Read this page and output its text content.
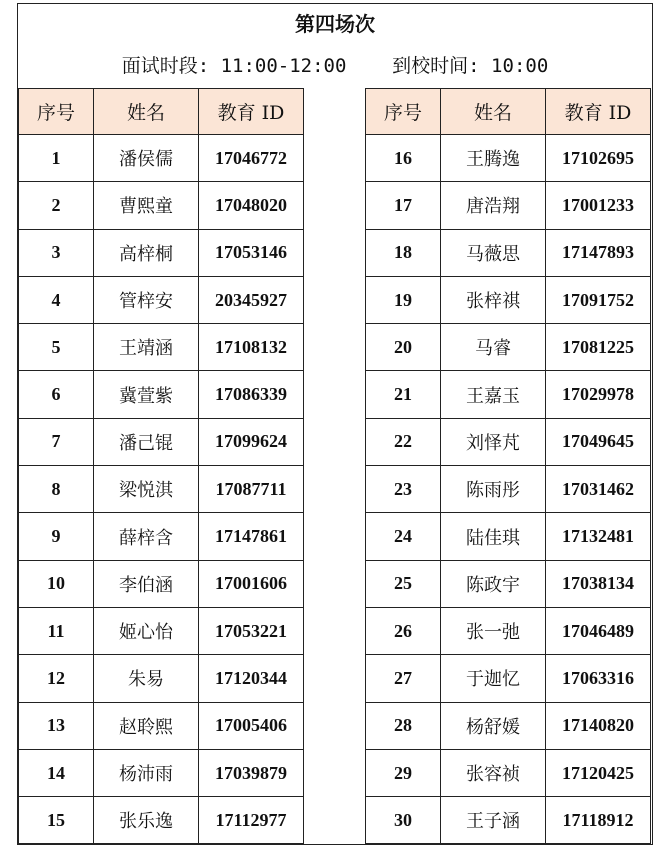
第四场次
面试时段: 11:00-12:00    到校时间: 10:00
序号	姓名	教育 ID
1	潘侯儒	17046772
2	曹熙童	17048020
3	高梓桐	17053146
4	管梓安	20345927
5	王靖涵	17108132
6	冀萱紫	17086339
7	潘己锟	17099624
8	梁悦淇	17087711
9	薛梓含	17147861
10	李伯涵	17001606
11	姬心怡	17053221
12	朱易	17120344
13	赵聆熙	17005406
14	杨沛雨	17039879
15	张乐逸	17112977
序号	姓名	教育 ID
16	王腾逸	17102695
17	唐浩翔	17001233
18	马薇思	17147893
19	张梓祺	17091752
20	马睿	17081225
21	王嘉玉	17029978
22	刘怿芃	17049645
23	陈雨彤	17031462
24	陆佳琪	17132481
25	陈政宇	17038134
26	张一弛	17046489
27	于迦忆	17063316
28	杨舒媛	17140820
29	张容祯	17120425
30	王子涵	17118912
